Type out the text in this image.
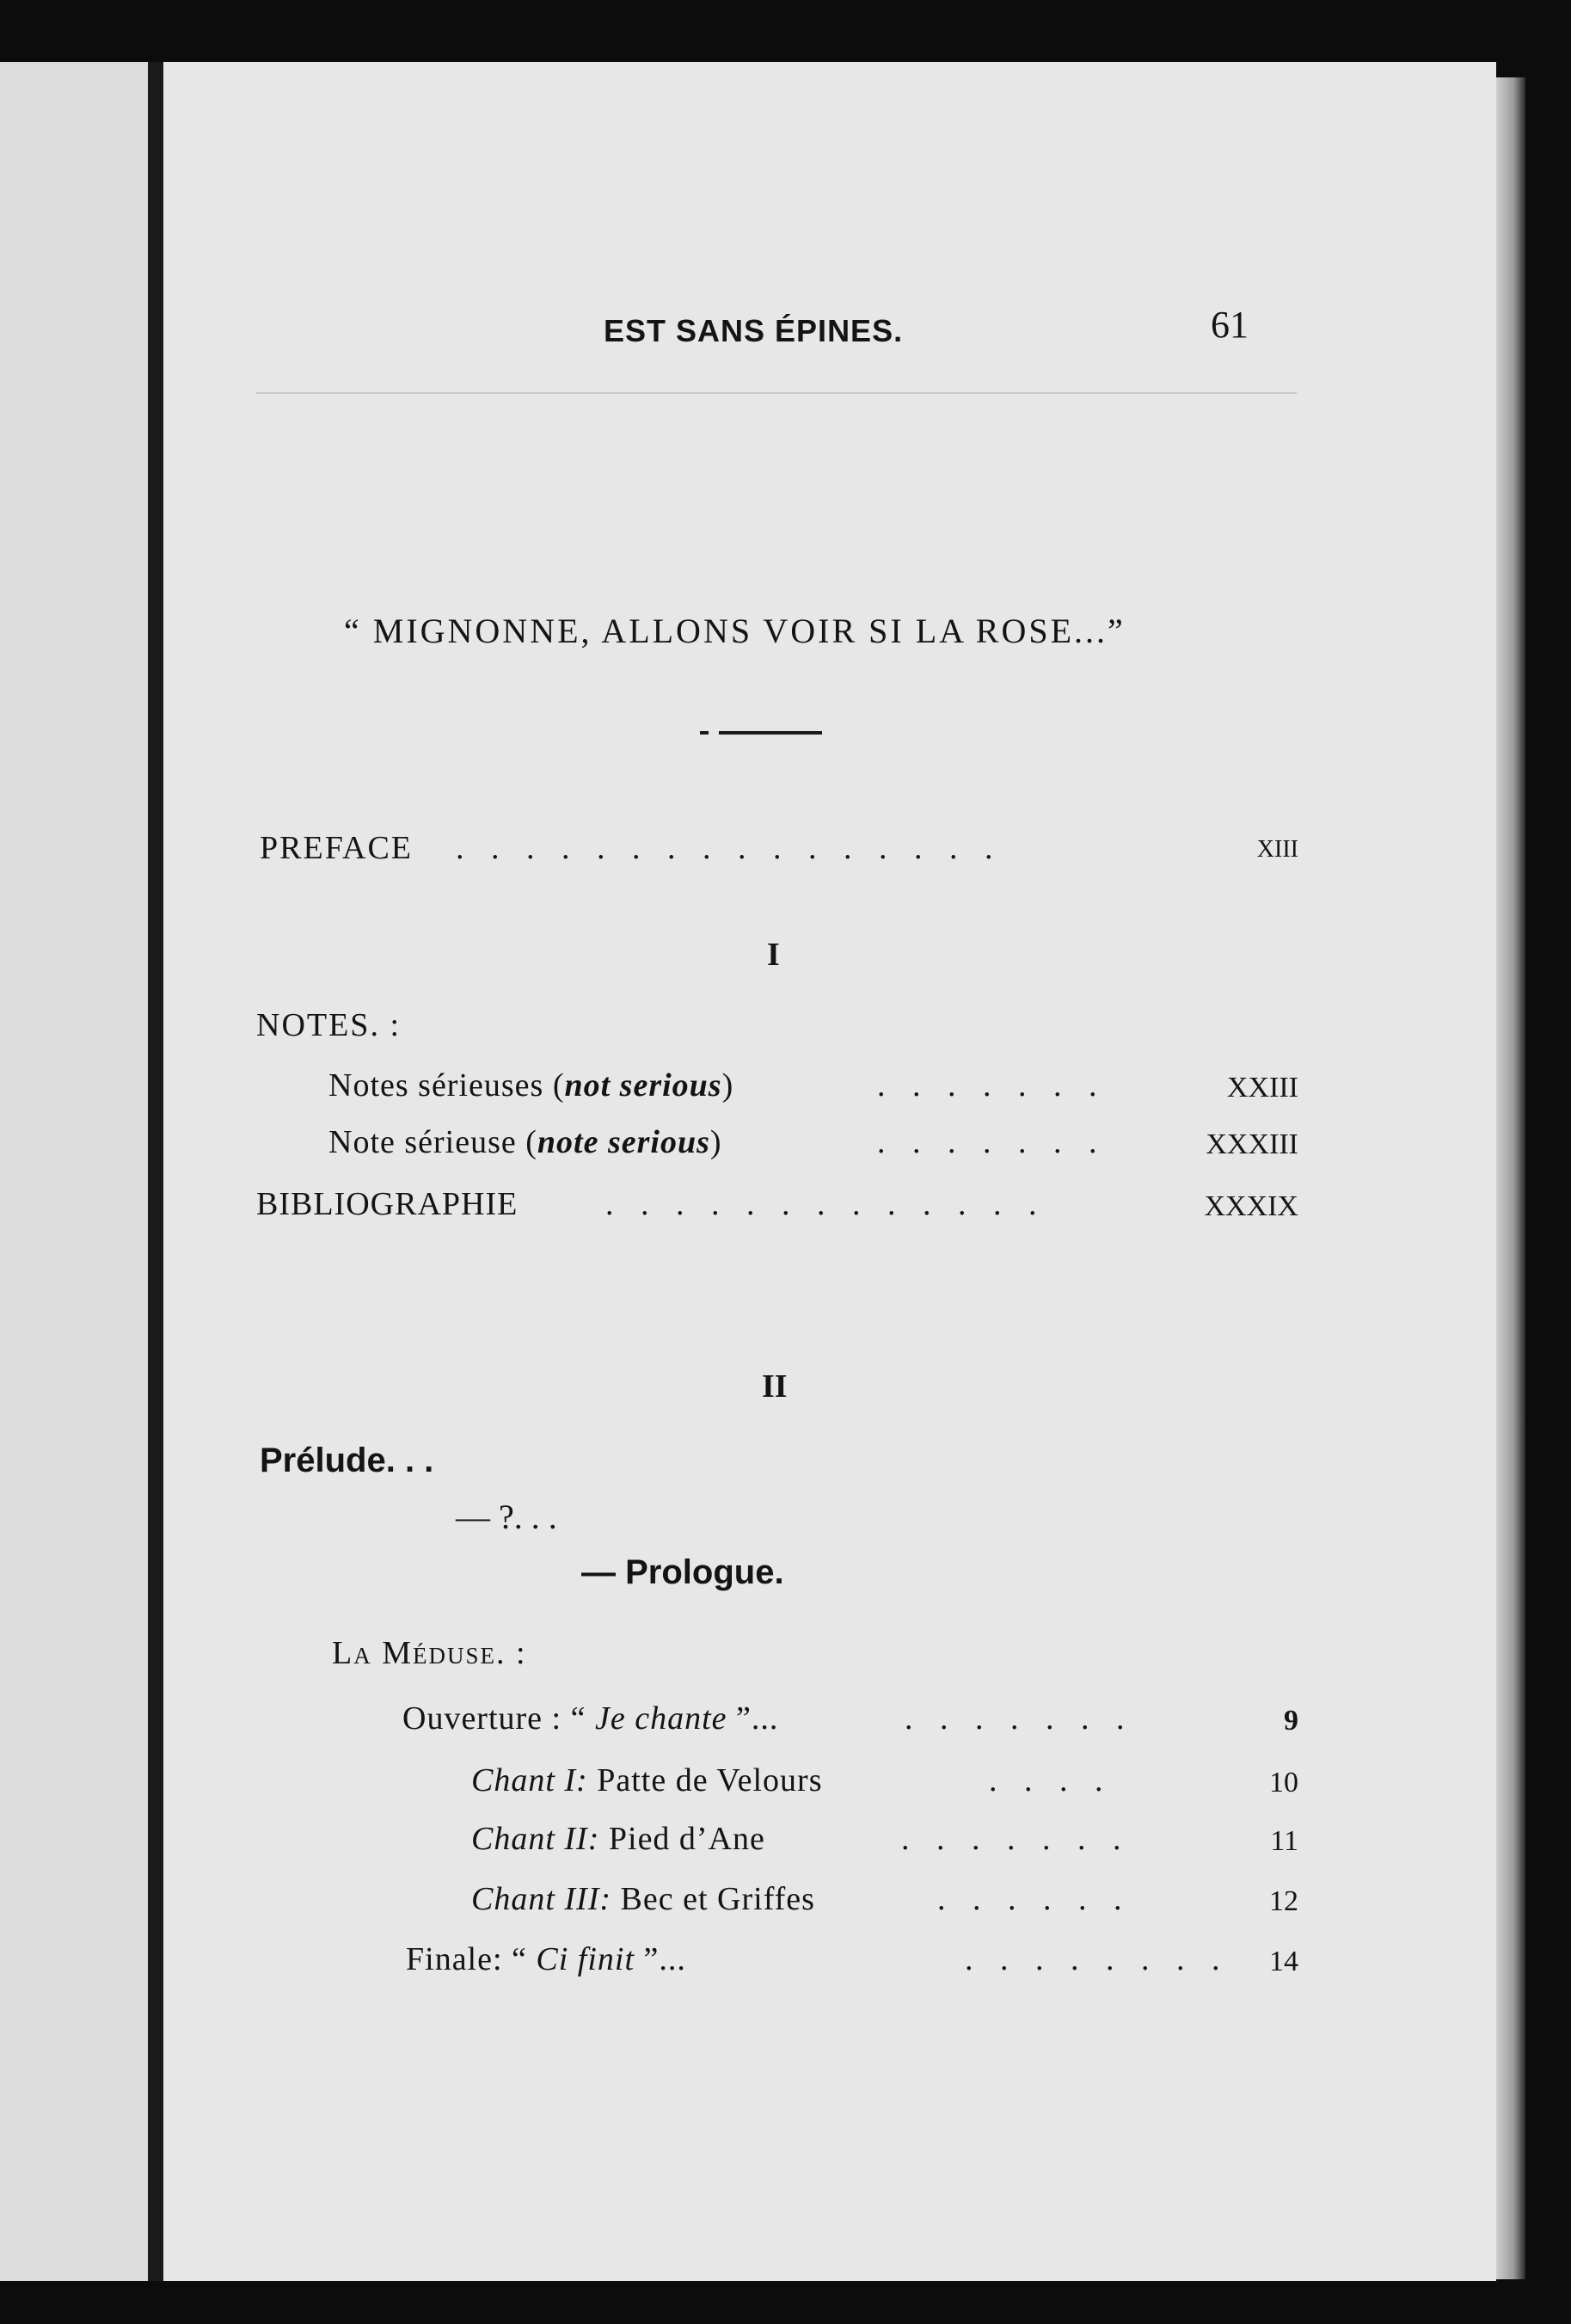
EST SANS ÉPINES.	61
“ MIGNONNE, ALLONS VOIR SI LA ROSE...”
PREFACE . . . . . . . . . . . . . . . .	XIII
I
NOTES. :
Notes sérieuses (not serious)	. . . . . . .	XXIII
Note sérieuse (note serious)	. . . . . . .	XXXIII
BIBLIOGRAPHIE	. . . . . . . . . . . . .	XXXIX
II
Prélude. . .
— ?. . .
— Prologue.
La Méduse. :
Ouverture : “ Je chante ”...	. . . . . . .	9
Chant I: Patte de Velours	. . . .	10
Chant II: Pied d’Ane	. . . . . . .	11
Chant III: Bec et Griffes	. . . . . .	12
Finale: “ Ci finit ”...	. . . . . . . .	14
